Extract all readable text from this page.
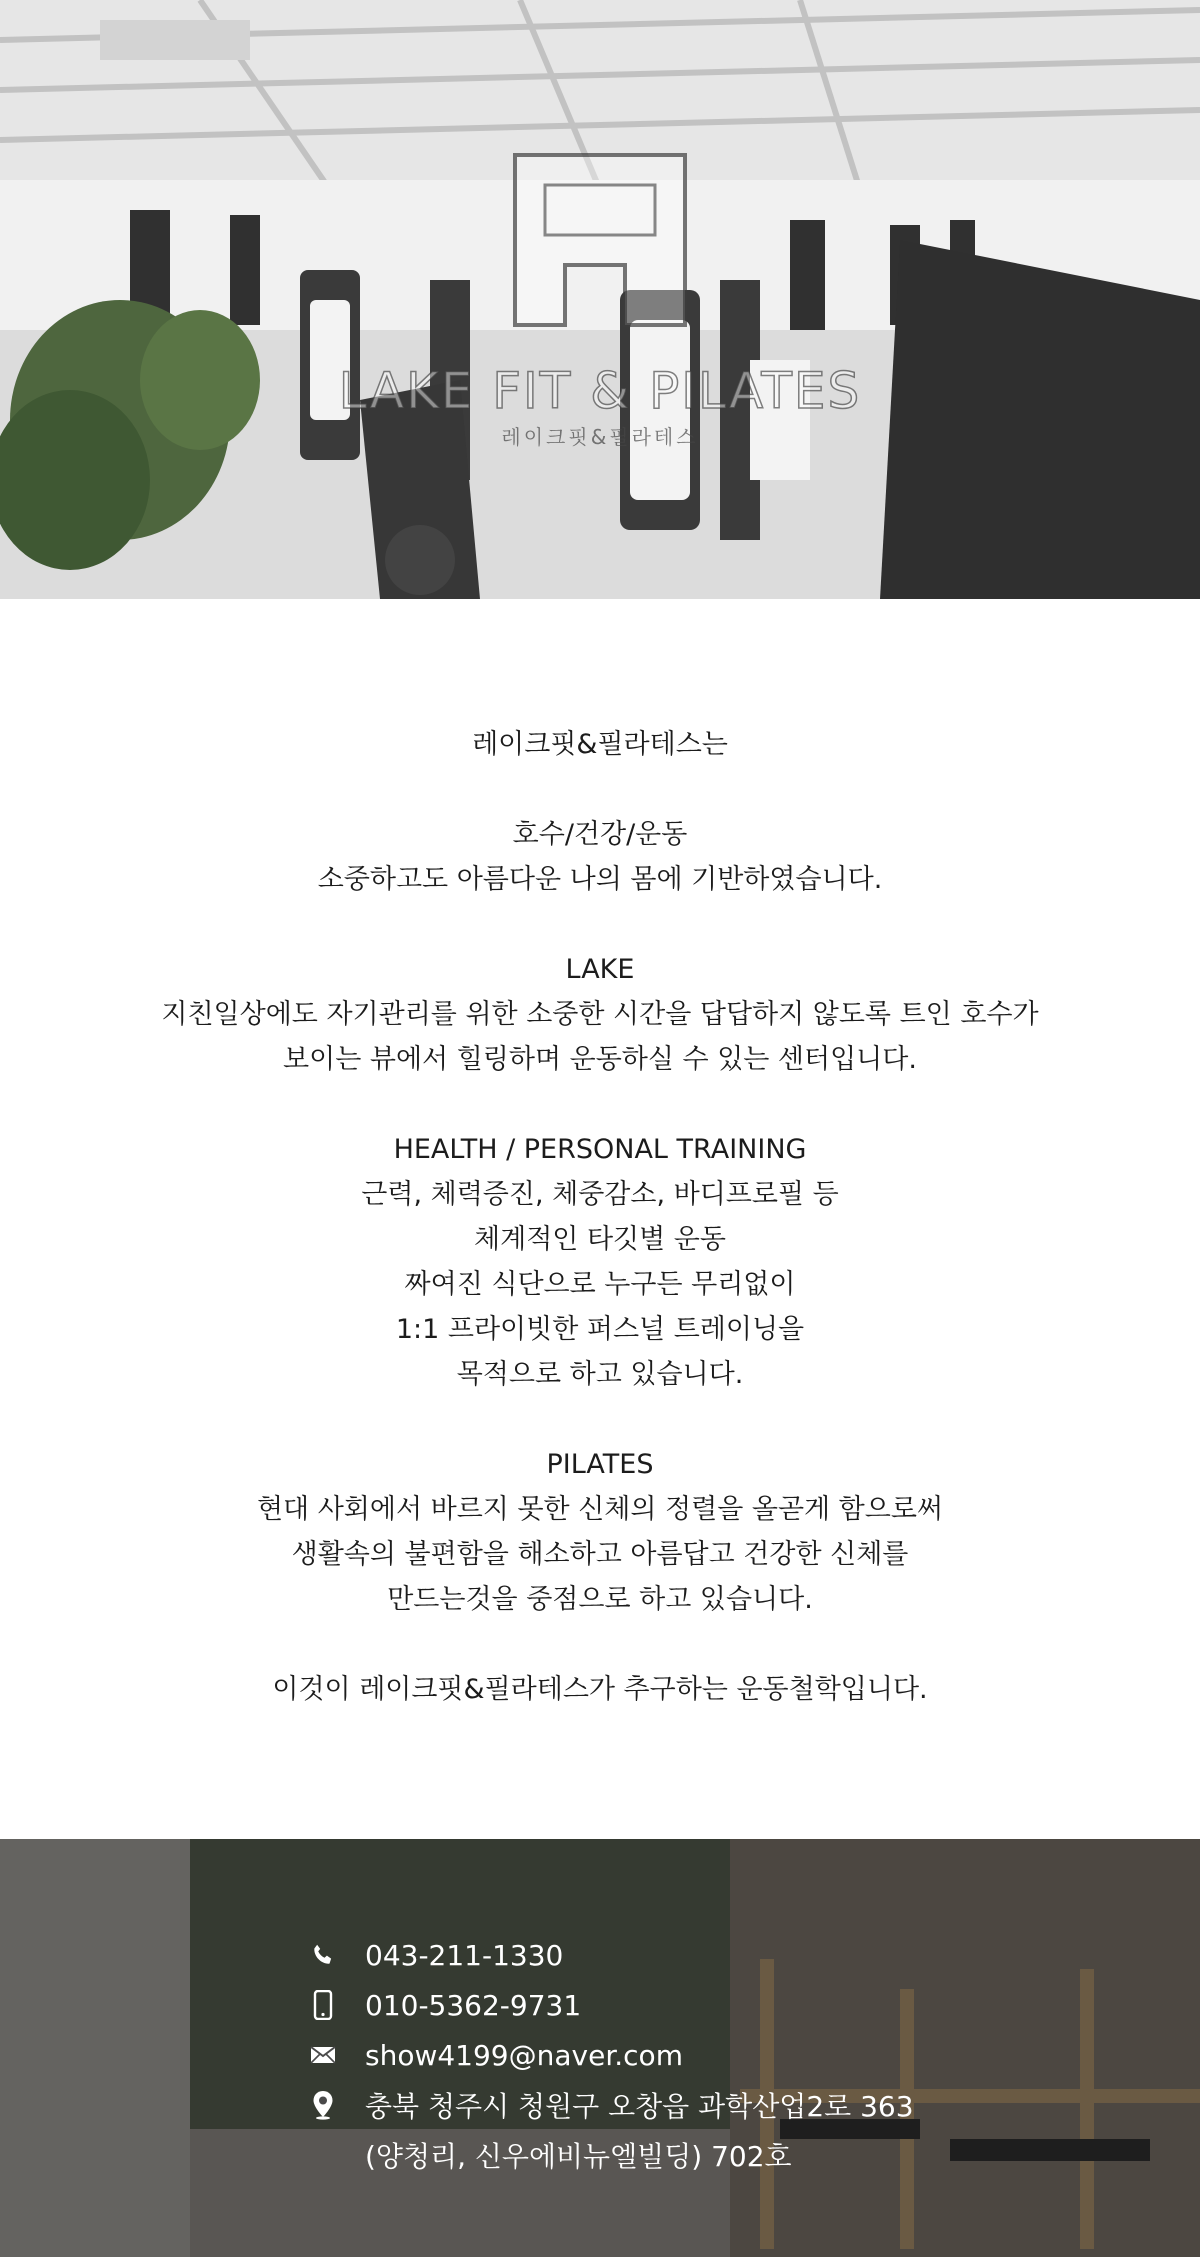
LAKE FIT & PILATES
레이크핏&필라테스

레이크핏&필라테스는

호수/건강/운동

소중하고도 아름다운 나의 몸에 기반하였습니다.

LAKE

지친일상에도 자기관리를 위한 소중한 시간을 답답하지 않도록 트인 호수가

보이는 뷰에서 힐링하며 운동하실 수 있는 센터입니다.

HEALTH / PERSONAL TRAINING

근력, 체력증진, 체중감소, 바디프로필 등

체계적인 타깃별 운동

짜여진 식단으로 누구든 무리없이

1:1 프라이빗한 퍼스널 트레이닝을

목적으로 하고 있습니다.

PILATES

현대 사회에서 바르지 못한 신체의 정렬을 올곧게 함으로써

생활속의 불편함을 해소하고 아름답고 건강한 신체를

만드는것을 중점으로 하고 있습니다.

이것이 레이크핏&필라테스가 추구하는 운동철학입니다.

043-211-1330
010-5362-9731
show4199@naver.com
충북 청주시 청원구 오창읍 과학산업2로 363
(양청리, 신우에비뉴엘빌딩) 702호
